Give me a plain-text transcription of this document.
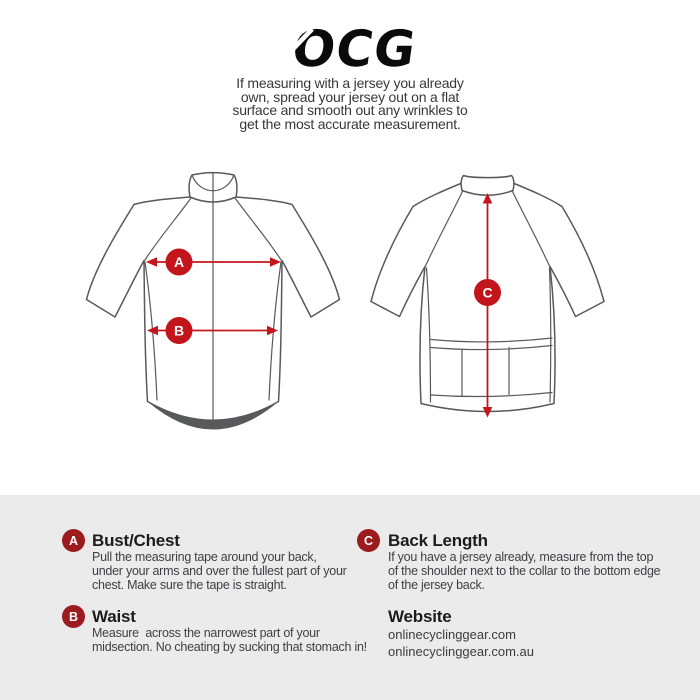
OCG
If measuring with a jersey you already
own, spread your jersey out on a flat
surface and smooth out any wrinkles to
get the most accurate measurement.
A
B
C
A Bust/Chest
Pull the measuring tape around your back,
under your arms and over the fullest part of your
chest. Make sure the tape is straight.
B Waist
Measure  across the narrowest part of your
midsection. No cheating by sucking that stomach in!
C Back Length
If you have a jersey already, measure from the top
of the shoulder next to the collar to the bottom edge
of the jersey back.
Website
onlinecyclinggear.com
onlinecyclinggear.com.au
